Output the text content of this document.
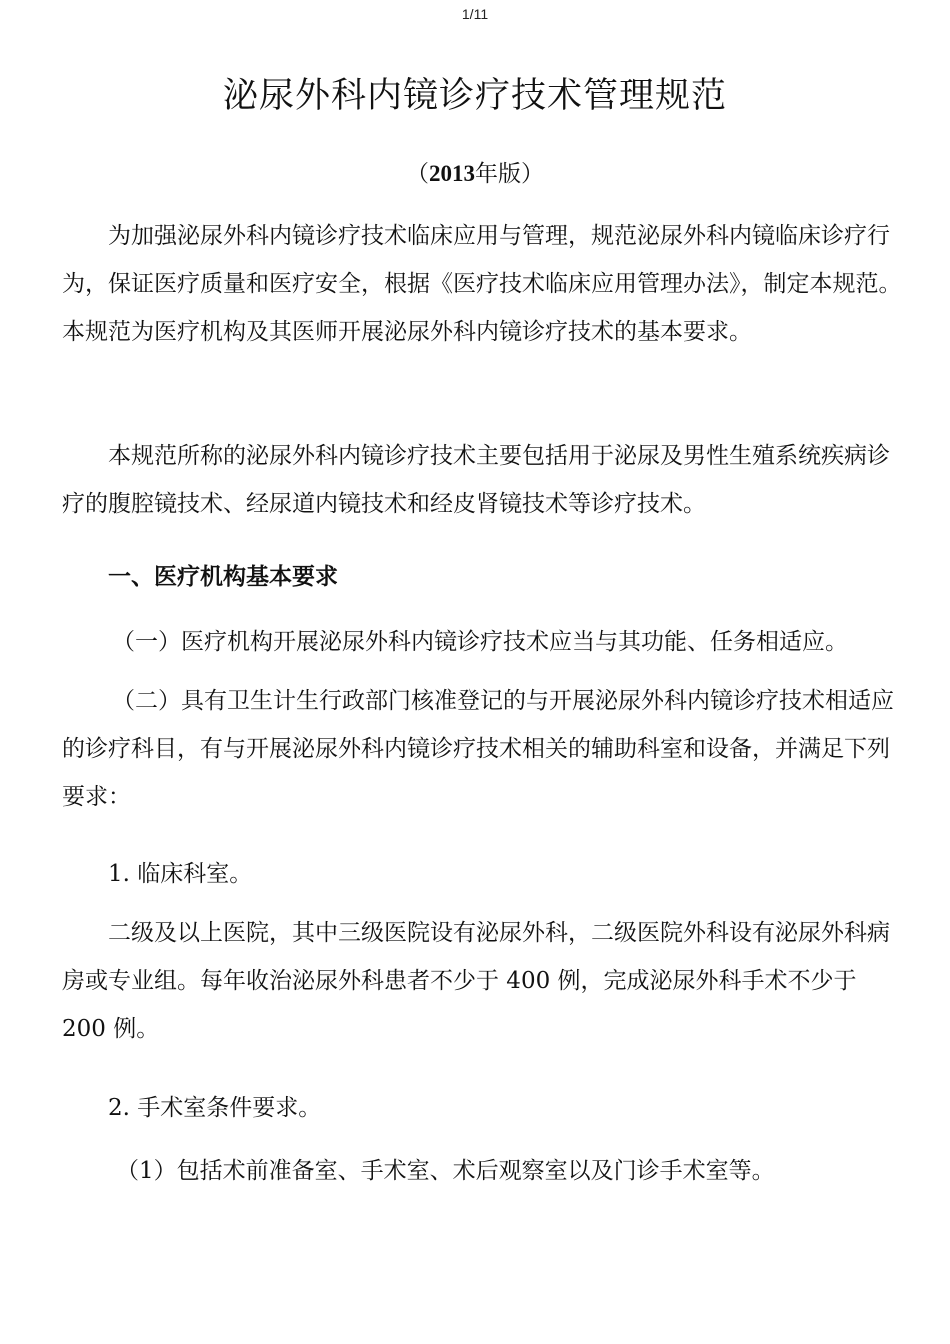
1/11
泌尿外科内镜诊疗技术管理规范
（2013年版）

为加强泌尿外科内镜诊疗技术临床应用与管理，规范泌尿外科内镜临床诊疗行为，保证医疗质量和医疗安全，根据《医疗技术临床应用管理办法》，制定本规范。本规范为医疗机构及其医师开展泌尿外科内镜诊疗技术的基本要求。

本规范所称的泌尿外科内镜诊疗技术主要包括用于泌尿及男性生殖系统疾病诊疗的腹腔镜技术、经尿道内镜技术和经皮肾镜技术等诊疗技术。

一、医疗机构基本要求

（一）医疗机构开展泌尿外科内镜诊疗技术应当与其功能、任务相适应。

（二）具有卫生计生行政部门核准登记的与开展泌尿外科内镜诊疗技术相适应的诊疗科目，有与开展泌尿外科内镜诊疗技术相关的辅助科室和设备，并满足下列要求：

1. 临床科室。

二级及以上医院，其中三级医院设有泌尿外科，二级医院外科设有泌尿外科病房或专业组。每年收治泌尿外科患者不少于 400 例，完成泌尿外科手术不少于 200 例。

2. 手术室条件要求。

（1）包括术前准备室、手术室、术后观察室以及门诊手术室等。
